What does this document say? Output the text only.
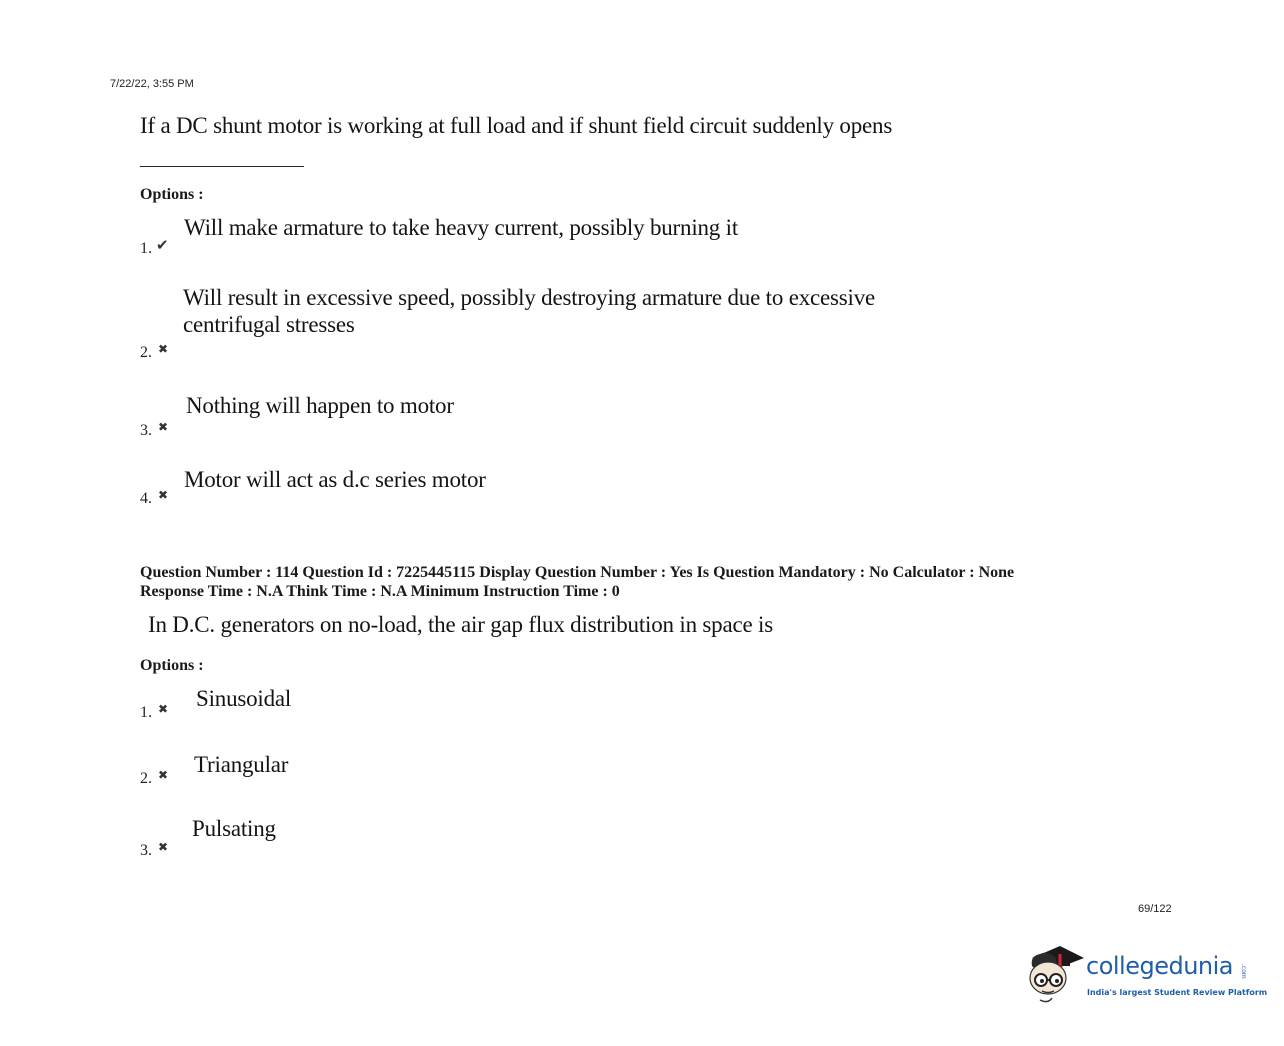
7/22/22, 3:55 PM
If a DC shunt motor is working at full load and if shunt field circuit suddenly opens
Options :
1. ✔
Will make armature to take heavy current, possibly burning it
2. ✖
Will result in excessive speed, possibly destroying armature due to excessive
centrifugal stresses
3. ✖
Nothing will happen to motor
4. ✖
Motor will act as d.c series motor
Question Number : 114 Question Id : 7225445115 Display Question Number : Yes Is Question Mandatory : No Calculator : None
Response Time : N.A Think Time : N.A Minimum Instruction Time : 0
In D.C. generators on no-load, the air gap flux distribution in space is
Options :
1. ✖ Sinusoidal
2. ✖ Triangular
3. ✖
Pulsating
69/122
collegedunia .com
India's largest Student Review Platform
